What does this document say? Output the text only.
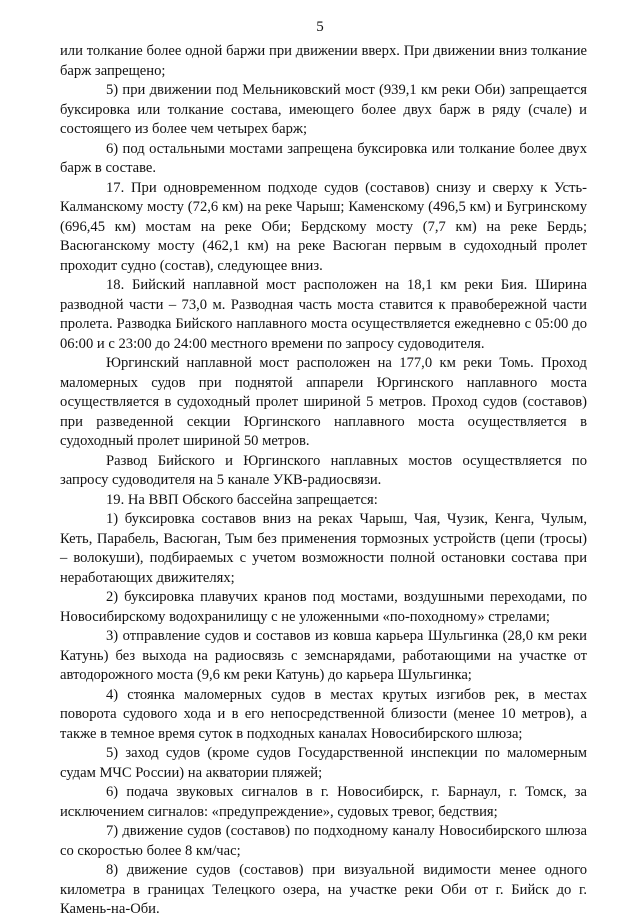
5

или толкание более одной баржи при движении вверх. При движении вниз толкание барж запрещено;

5) при движении под Мельниковский мост (939,1 км реки Оби) запрещается буксировка или толкание состава, имеющего более двух барж в ряду (счале) и состоящего из более чем четырех барж;

6) под остальными мостами запрещена буксировка или толкание более двух барж в составе.

17. При одновременном подходе судов (составов) снизу и сверху к Усть-Калманскому мосту (72,6 км) на реке Чарыш; Каменскому (496,5 км) и Бугринскому (696,45 км) мостам на реке Оби; Бердскому мосту (7,7 км) на реке Бердь; Васюганскому мосту (462,1 км) на реке Васюган первым в судоходный пролет проходит судно (состав), следующее вниз.

18. Бийский наплавной мост расположен на 18,1 км реки Бия. Ширина разводной части – 73,0 м. Разводная часть моста ставится к правобережной части пролета. Разводка Бийского наплавного моста осуществляется ежедневно с 05:00 до 06:00 и с 23:00 до 24:00 местного времени по запросу судоводителя.

Юргинский наплавной мост расположен на 177,0 км реки Томь. Проход маломерных судов при поднятой аппарели Юргинского наплавного моста осуществляется в судоходный пролет шириной 5 метров. Проход судов (составов) при разведенной секции Юргинского наплавного моста осуществляется в судоходный пролет шириной 50 метров.

Развод Бийского и Юргинского наплавных мостов осуществляется по запросу судоводителя на 5 канале УКВ-радиосвязи.

19. На ВВП Обского бассейна запрещается:

1) буксировка составов вниз на реках Чарыш, Чая, Чузик, Кенга, Чулым, Кеть, Парабель, Васюган, Тым без применения тормозных устройств (цепи (тросы) – волокуши), подбираемых с учетом возможности полной остановки состава при неработающих движителях;

2) буксировка плавучих кранов под мостами, воздушными переходами, по Новосибирскому водохранилищу с не уложенными «по-походному» стрелами;

3) отправление судов и составов из ковша карьера Шульгинка (28,0 км реки Катунь) без выхода на радиосвязь с земснарядами, работающими на участке от автодорожного моста (9,6 км реки Катунь) до карьера Шульгинка;

4) стоянка маломерных судов в местах крутых изгибов рек, в местах поворота судового хода и в его непосредственной близости (менее 10 метров), а также в темное время суток в подходных каналах Новосибирского шлюза;

5) заход судов (кроме судов Государственной инспекции по маломерным судам МЧС России) на акватории пляжей;

6) подача звуковых сигналов в г. Новосибирск, г. Барнаул, г. Томск, за исключением сигналов: «предупреждение», судовых тревог, бедствия;

7) движение судов (составов) по подходному каналу Новосибирского шлюза со скоростью более 8 км/час;

8) движение судов (составов) при визуальной видимости менее одного километра в границах Телецкого озера, на участке реки Оби от г. Бийск до г. Камень-на-Оби.
